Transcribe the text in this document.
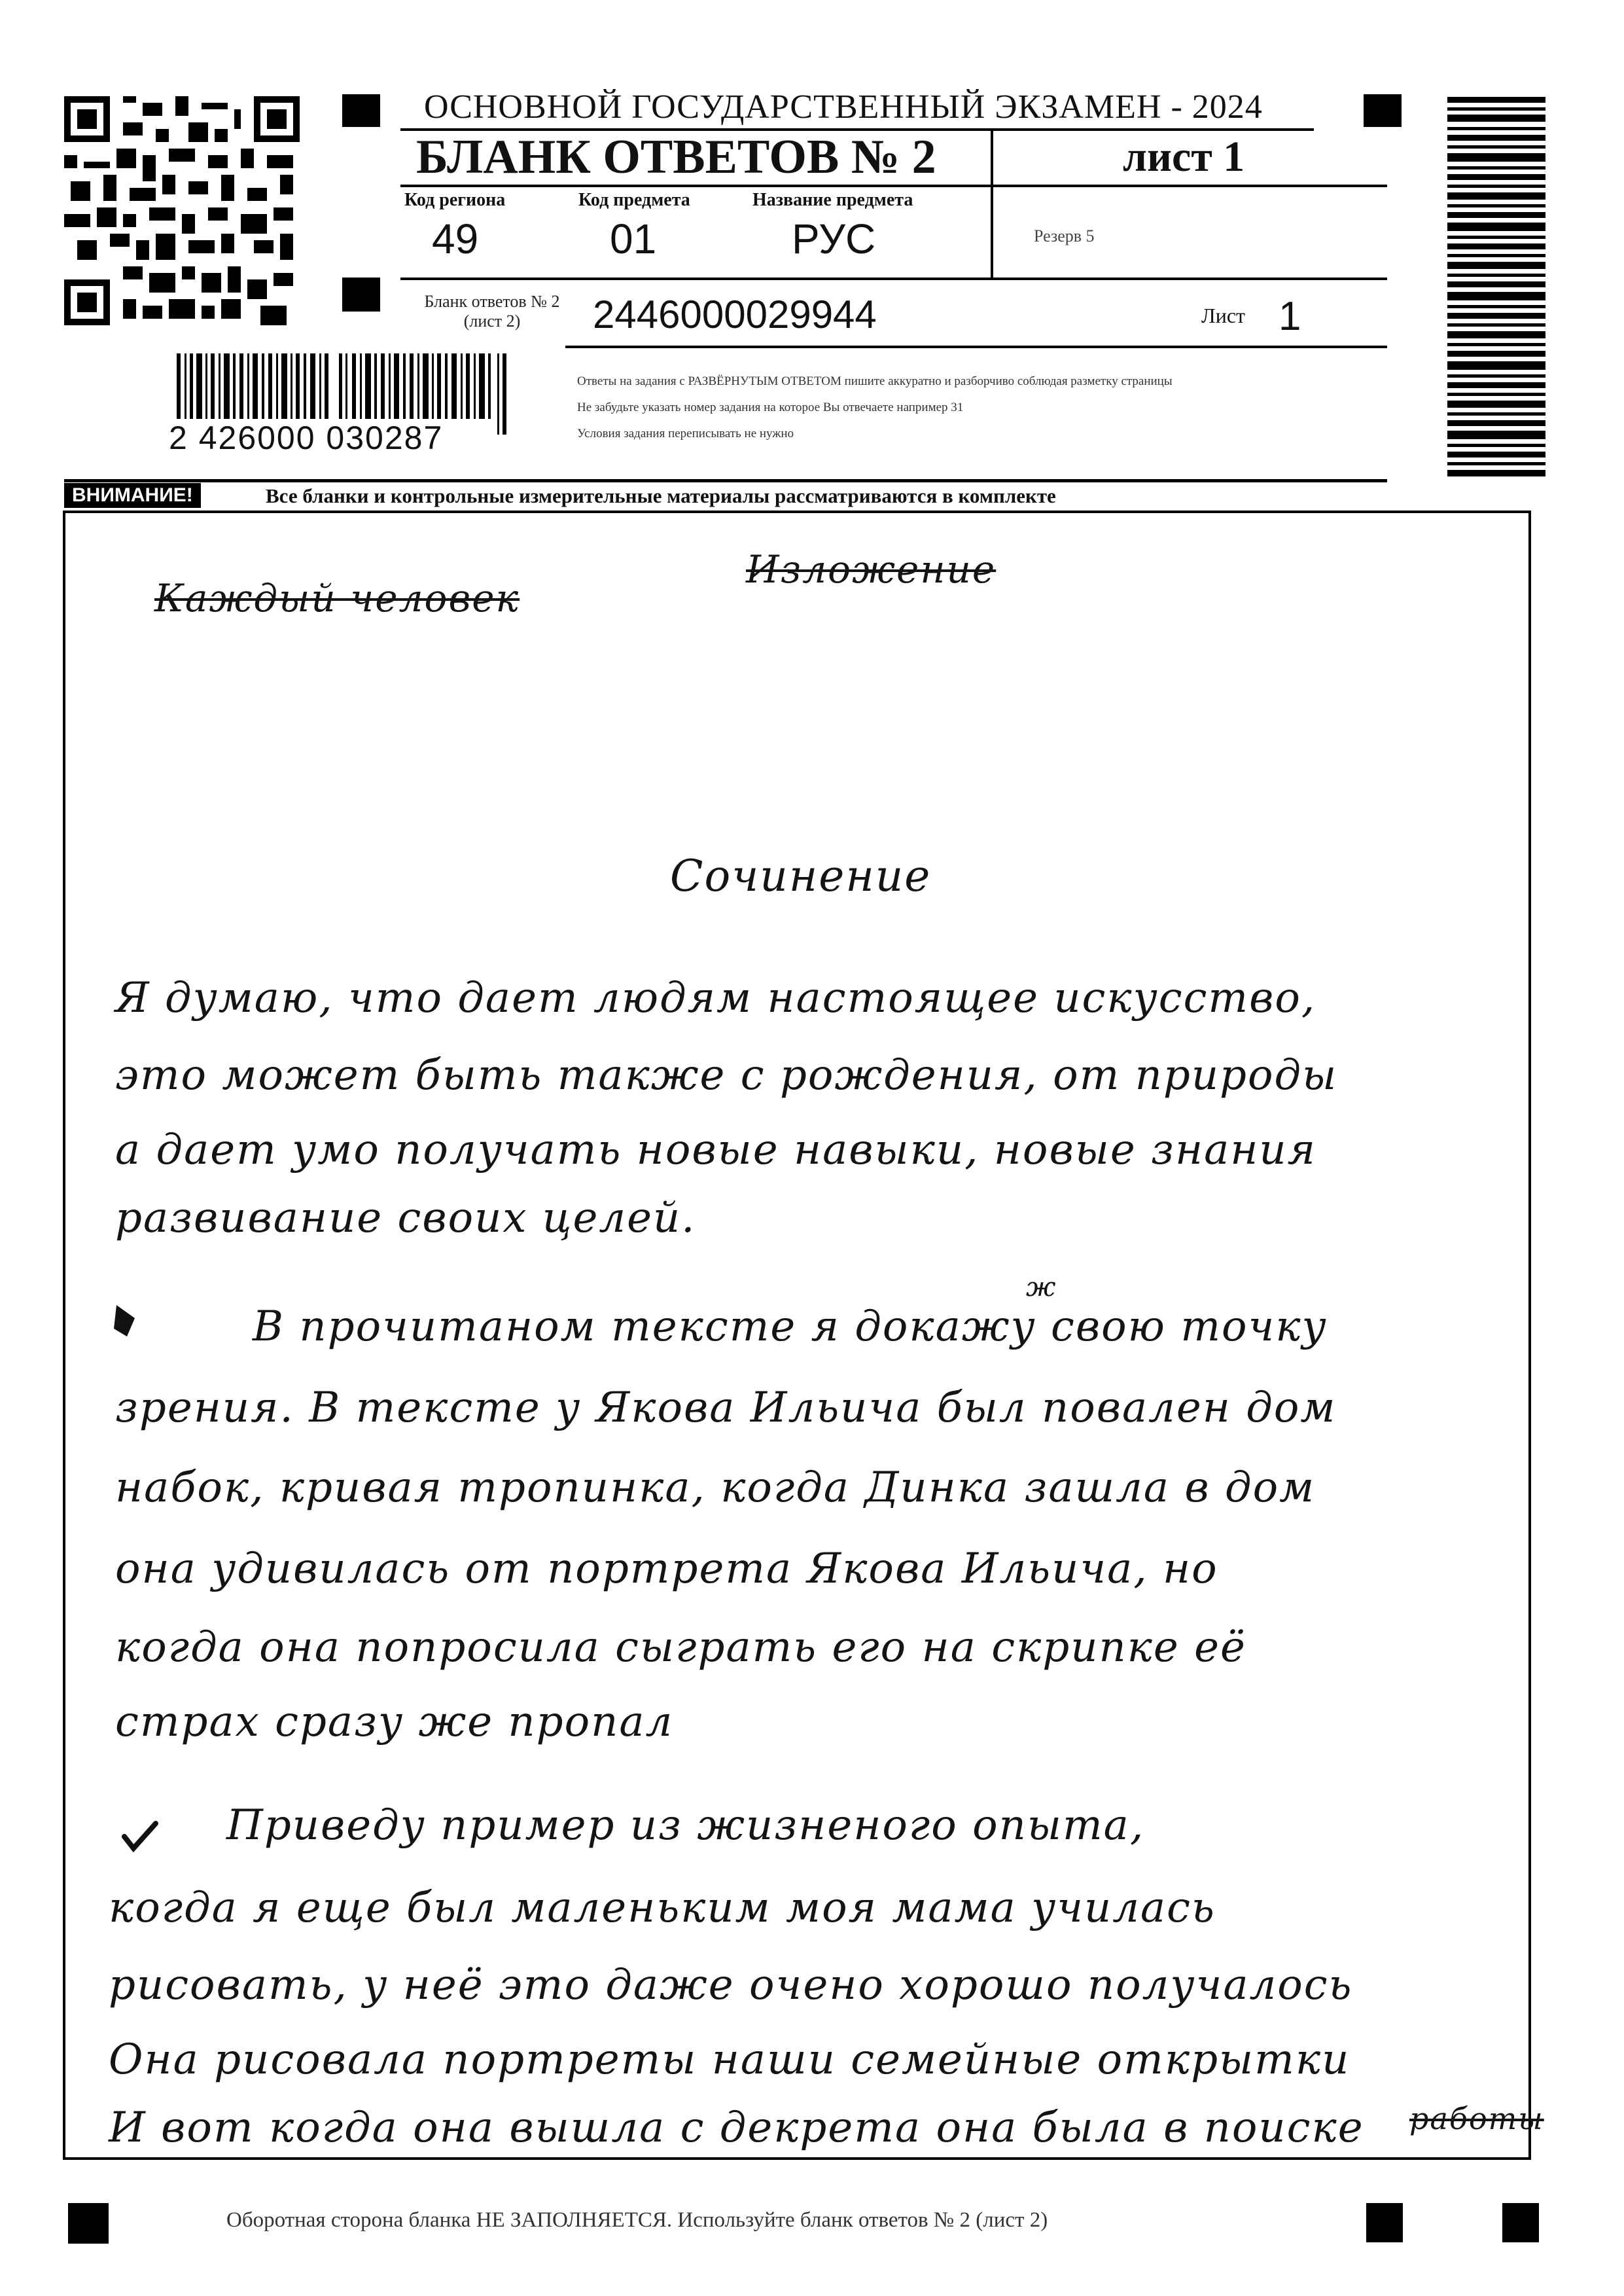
ОСНОВНОЙ ГОСУДАРСТВЕННЫЙ ЭКЗАМЕН - 2024
БЛАНК ОТВЕТОВ № 2	лист 1
Код региона
49
Код предмета
01
Название предмета
РУС	Резерв 5
Бланк ответов № 2
(лист 2)	2446000029944	Лист 1
2 426000 030287
Ответы на задания с РАЗВЁРНУТЫМ ОТВЕТОМ пишите аккуратно и разборчиво соблюдая разметку страницы
Не забудьте указать номер задания на которое Вы отвечаете например 31
Условия задания переписывать не нужно
ВНИМАНИЕ!	Все бланки и контрольные измерительные материалы рассматриваются в комплекте
Каждый человек
Изложение
Сочинение
Я думаю, что дает людям настоящее искусство,
это может быть также с рождения, от природы
а дает умо получать новые навыки, новые знания
развивание своих целей.
ж
В прочитаном тексте я докажу свою точку
зрения. В тексте у Якова Ильича был повален дом
набок, кривая тропинка, когда Динка зашла в дом
она удивилась от портрета Якова Ильича, но
когда она попросила сыграть его на скрипке её
страх сразу же пропал
Приведу пример из жизненого опыта,
когда я еще был маленьким моя мама училась
рисовать, у неё это даже очено хорошо получалось
Она рисовала портреты наши семейные открытки
И вот когда она вышла с декрета она была в поиске работы
Оборотная сторона бланка НЕ ЗАПОЛНЯЕТСЯ. Используйте бланк ответов № 2 (лист 2)
